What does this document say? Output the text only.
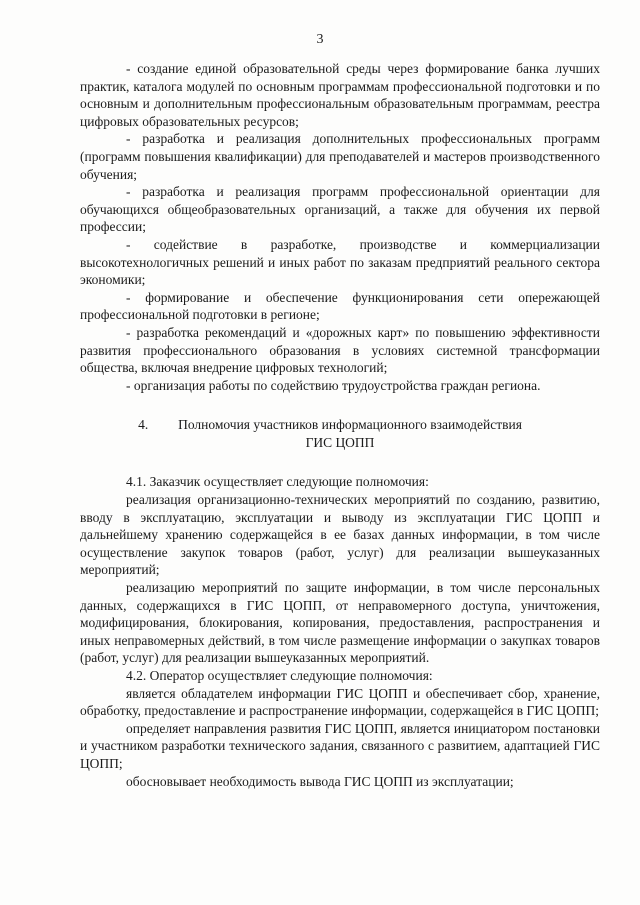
3

- создание единой образовательной среды через формирование банка лучших практик, каталога модулей по основным программам профессиональной подготовки и по основным и дополнительным профессиональным образовательным программам, реестра цифровых образовательных ресурсов;

- разработка и реализация дополнительных профессиональных программ (программ повышения квалификации) для преподавателей и мастеров производственного обучения;

- разработка и реализация программ профессиональной ориентации для обучающихся общеобразовательных организаций, а также для обучения их первой профессии;

- содействие в разработке, производстве и коммерциализации высокотехнологичных решений и иных работ по заказам предприятий реального сектора экономики;

- формирование и обеспечение функционирования сети опережающей профессиональной подготовки в регионе;

- разработка рекомендаций и «дорожных карт» по повышению эффективности развития профессионального образования в условиях системной трансформации общества, включая внедрение цифровых технологий;

- организация работы по содействию трудоустройства граждан региона.

4. Полномочия участников информационного взаимодействия
ГИС ЦОПП

4.1. Заказчик осуществляет следующие полномочия:

реализация организационно-технических мероприятий по созданию, развитию, вводу в эксплуатацию, эксплуатации и выводу из эксплуатации ГИС ЦОПП и дальнейшему хранению содержащейся в ее базах данных информации, в том числе осуществление закупок товаров (работ, услуг) для реализации вышеуказанных мероприятий;

реализацию мероприятий по защите информации, в том числе персональных данных, содержащихся в ГИС ЦОПП, от неправомерного доступа, уничтожения, модифицирования, блокирования, копирования, предоставления, распространения и иных неправомерных действий, в том числе размещение информации о закупках товаров (работ, услуг) для реализации вышеуказанных мероприятий.

4.2. Оператор осуществляет следующие полномочия:

является обладателем информации ГИС ЦОПП и обеспечивает сбор, хранение, обработку, предоставление и распространение информации, содержащейся в ГИС ЦОПП;

определяет направления развития ГИС ЦОПП, является инициатором постановки и участником разработки технического задания, связанного с развитием, адаптацией ГИС ЦОПП;

обосновывает необходимость вывода ГИС ЦОПП из эксплуатации;
